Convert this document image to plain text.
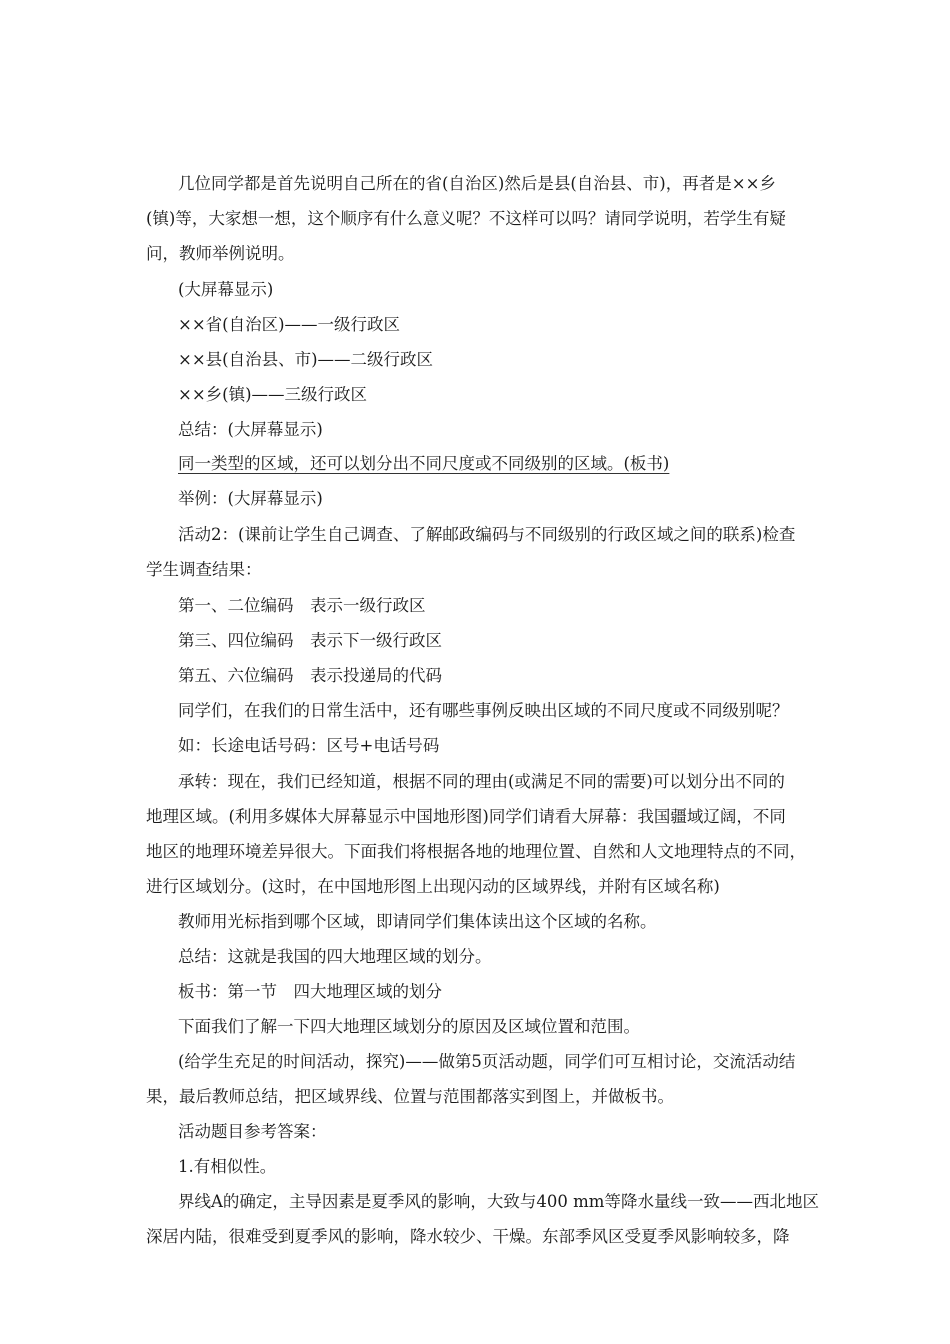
几位同学都是首先说明自己所在的省(自治区)然后是县(自治县、市)，再者是××乡
(镇)等，大家想一想，这个顺序有什么意义呢？不这样可以吗？请同学说明，若学生有疑
问，教师举例说明。
(大屏幕显示)
××省(自治区)——一级行政区
××县(自治县、市)——二级行政区
××乡(镇)——三级行政区
总结：(大屏幕显示)
同一类型的区域，还可以划分出不同尺度或不同级别的区域。(板书)
举例：(大屏幕显示)
活动2：(课前让学生自己调查、了解邮政编码与不同级别的行政区域之间的联系)检查
学生调查结果：
第一、二位编码　表示一级行政区
第三、四位编码　表示下一级行政区
第五、六位编码　表示投递局的代码
同学们，在我们的日常生活中，还有哪些事例反映出区域的不同尺度或不同级别呢？
如：长途电话号码：区号+电话号码
承转：现在，我们已经知道，根据不同的理由(或满足不同的需要)可以划分出不同的
地理区域。(利用多媒体大屏幕显示中国地形图)同学们请看大屏幕：我国疆域辽阔，不同
地区的地理环境差异很大。下面我们将根据各地的地理位置、自然和人文地理特点的不同，
进行区域划分。(这时，在中国地形图上出现闪动的区域界线，并附有区域名称)
教师用光标指到哪个区域，即请同学们集体读出这个区域的名称。
总结：这就是我国的四大地理区域的划分。
板书：第一节　四大地理区域的划分
下面我们了解一下四大地理区域划分的原因及区域位置和范围。
(给学生充足的时间活动，探究)——做第5页活动题，同学们可互相讨论，交流活动结
果，最后教师总结，把区域界线、位置与范围都落实到图上，并做板书。
活动题目参考答案：
1.有相似性。
界线A的确定，主导因素是夏季风的影响，大致与400 mm等降水量线一致——西北地区
深居内陆，很难受到夏季风的影响，降水较少、干燥。东部季风区受夏季风影响较多，降
